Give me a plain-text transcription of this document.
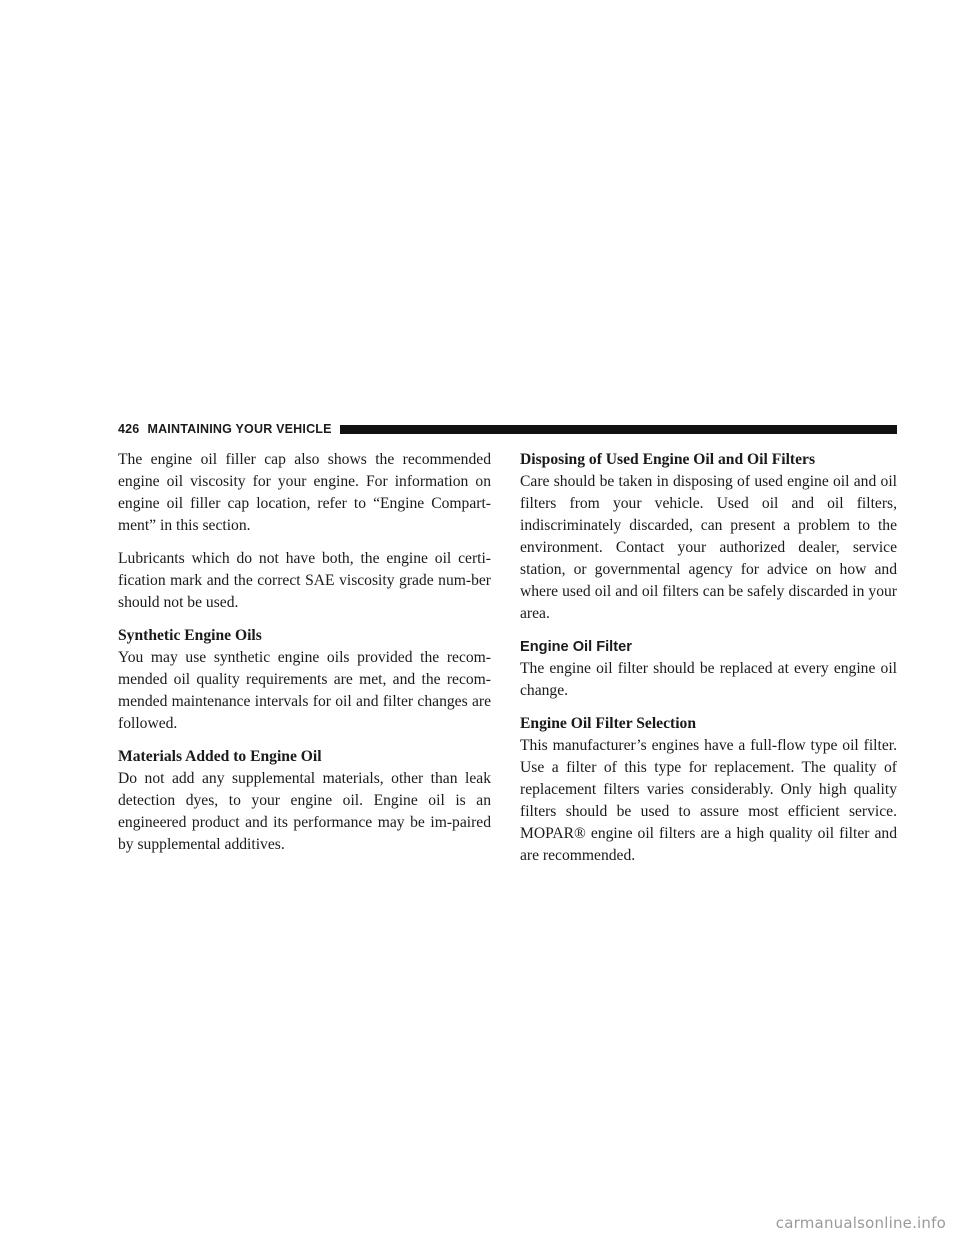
426 MAINTAINING YOUR VEHICLE

The engine oil filler cap also shows the recommended engine oil viscosity for your engine. For information on engine oil filler cap location, refer to “Engine Compart-ment” in this section.

Lubricants which do not have both, the engine oil certi-fication mark and the correct SAE viscosity grade num-ber should not be used.

Synthetic Engine Oils

You may use synthetic engine oils provided the recom-mended oil quality requirements are met, and the recom-mended maintenance intervals for oil and filter changes are followed.

Materials Added to Engine Oil

Do not add any supplemental materials, other than leak detection dyes, to your engine oil. Engine oil is an engineered product and its performance may be im-paired by supplemental additives.

Disposing of Used Engine Oil and Oil Filters

Care should be taken in disposing of used engine oil and oil filters from your vehicle. Used oil and oil filters, indiscriminately discarded, can present a problem to the environment. Contact your authorized dealer, service station, or governmental agency for advice on how and where used oil and oil filters can be safely discarded in your area.

Engine Oil Filter

The engine oil filter should be replaced at every engine oil change.

Engine Oil Filter Selection

This manufacturer’s engines have a full-flow type oil filter. Use a filter of this type for replacement. The quality of replacement filters varies considerably. Only high quality filters should be used to assure most efficient service. MOPAR® engine oil filters are a high quality oil filter and are recommended.

carmanualsonline.info
